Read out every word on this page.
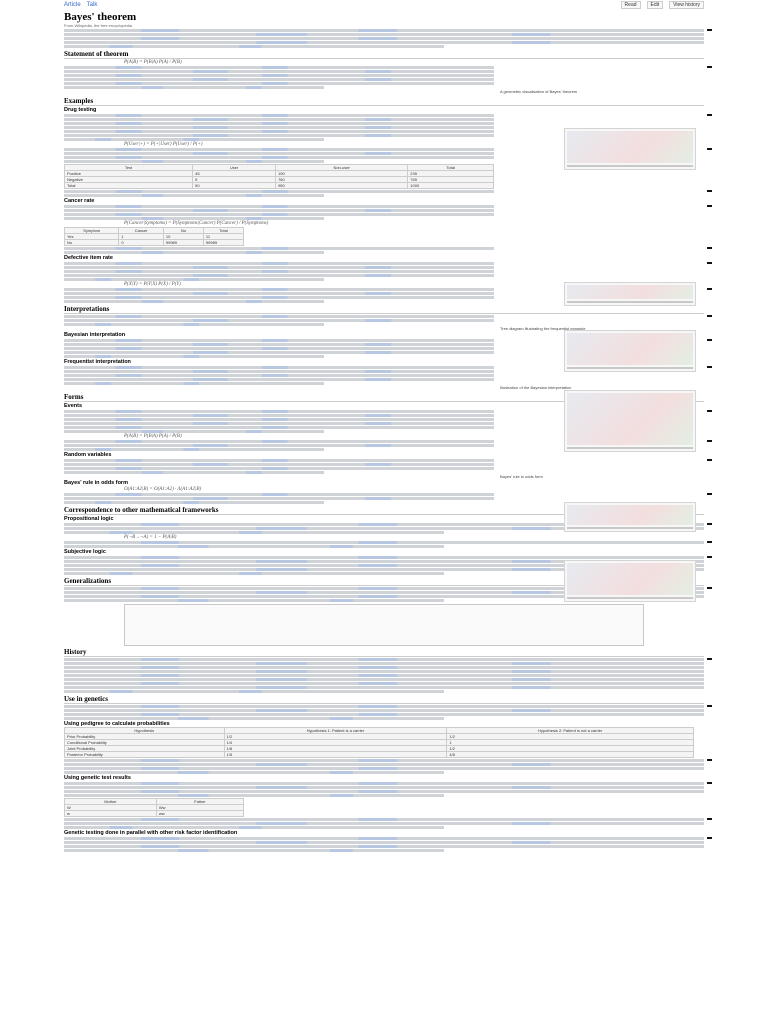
Article Talk	Read	Edit	View history
Bayes' theorem
From Wikipedia, the free encyclopedia
Statement of theorem
P(A|B) = P(B|A) P(A) / P(B)
A geometric visualisation of Bayes' theorem
Examples
Drug testing
P(User|+) = P(+|User) P(User) / P(+)
Test	User	Non-user	Total
Positive	45	190	235
Negative	5	760	765
Total	50	950	1000
Cancer rate
P(Cancer|Symptoms) = P(Symptoms|Cancer) P(Cancer) / P(Symptoms)
Symptom	Cancer	No	Total
Yes	1	10	11
No	0	99989	99989
Defective item rate
P(X|Y) = P(Y|X) P(X) / P(Y)
Interpretations
Tree diagram illustrating the frequentist example
Bayesian interpretation
Frequentist interpretation
Illustration of the Bayesian interpretation
Forms
Events
P(A|B) = P(B|A) P(A) / P(B)
Random variables
Bayes' rule in odds form
Bayes' rule in odds form
O(A1:A2|B) = O(A1:A2) · Λ(A1:A2|B)
Correspondence to other mathematical frameworks
Propositional logic
P(¬B→¬A) = 1 − P(A|B)
Subjective logic
Generalizations
History
Use in genetics
Using pedigree to calculate probabilities
Hypothesis	Hypothesis 1: Patient is a carrier	Hypothesis 2: Patient is not a carrier
Prior Probability	1/2	1/2
Conditional Probability	1/4	1
Joint Probability	1/8	1/2
Posterior Probability	1/5	4/5
Using genetic test results
Mother	Father
W	Ww
w	ww
Genetic testing done in parallel with other risk factor identification
